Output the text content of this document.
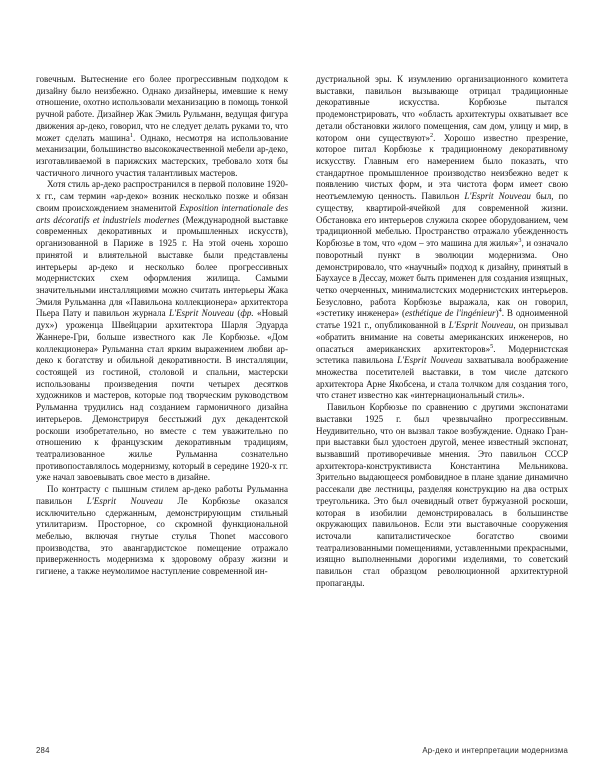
говечным. Вытеснение его более прогрессивным подходом к дизайну было неизбежно. Однако дизайнеры, имевшие к нему отношение, охотно использовали механизацию в помощь тонкой ручной работе. Дизайнер Жак Эмиль Рульманн, ведущая фигура движения ар-деко, говорил, что не следует делать руками то, что может сделать машина$^1$. Однако, несмотря на использование механизации, большинство высококачественной мебели ар-деко, изготавливаемой в парижских мастерских, требовало хотя бы частичного личного участия талантливых мастеров.

Хотя стиль ар-деко распространился в первой половине 1920-х гг., сам термин «ар-деко» возник несколько позже и обязан своим происхождением знаменитой Exposition internationale des arts décoratifs et industriels modernes (Международной выставке современных декоративных и промышленных искусств), организованной в Париже в 1925 г. На этой очень хорошо принятой и влиятельной выставке были представлены интерьеры ар-деко и несколько более прогрессивных модернистских схем оформления жилища. Самыми значительными инсталляциями можно считать интерьеры Жака Эмиля Рульманна для «Павильона коллекционера» архитектора Пьера Пату и павильон журнала L'Esprit Nouveau (фр. «Новый дух») уроженца Швейцарии архитектора Шарля Эдуарда Жаннере-Гри, больше известного как Ле Корбюзье. «Дом коллекционера» Рульманна стал ярким выражением любви ар-деко к богатству и обильной декоративности. В инсталляции, состоящей из гостиной, столовой и спальни, мастерски использованы произведения почти четырех десятков художников и мастеров, которые под творческим руководством Рульманна трудились над созданием гармоничного дизайна интерьеров. Демонстрируя бесстыжий дух декадентской роскоши изобретательно, но вместе с тем уважительно по отношению к французским декоративным традициям, театрализованное жилье Рульманна сознательно противопоставлялось модернизму, который в середине 1920-х гг. уже начал завоевывать свое место в дизайне.

По контрасту с пышным стилем ар-деко работы Рульманна павильон L'Esprit Nouveau Ле Корбюзье оказался исключительно сдержанным, демонстрирующим стильный утилитаризм. Просторное, со скромной функциональной мебелью, включая гнутые стулья Thonet массового производства, это авангардистское помещение отражало приверженность модернизма к здоровому образу жизни и гигиене, а также неумолимое наступление современной ин-

дустриальной эры. К изумлению организационного комитета выставки, павильон вызывающе отрицал традиционные декоративные искусства. Корбюзье пытался продемонстрировать, что «область архитектуры охватывает все детали обстановки жилого помещения, сам дом, улицу и мир, в котором они существуют»$^2$. Хорошо известно презрение, которое питал Корбюзье к традиционному декоративному искусству. Главным его намерением было показать, что стандартное промышленное производство неизбежно ведет к появлению чистых форм, и эта чистота форм имеет свою неотъемлемую ценность. Павильон L'Esprit Nouveau был, по существу, квартирой-ячейкой для современной жизни. Обстановка его интерьеров служила скорее оборудованием, чем традиционной мебелью. Пространство отражало убежденность Корбюзье в том, что «дом – это машина для жилья»$^3$, и означало поворотный пункт в эволюции модернизма. Оно демонстрировало, что «научный» подход к дизайну, принятый в Баухаусе в Дессау, может быть применен для создания изящных, четко очерченных, минималистских модернистских интерьеров. Безусловно, работа Корбюзье выражала, как он говорил, «эстетику инженера» (esthétique de l'ingénieur)$^4$. В одноименной статье 1921 г., опубликованной в L'Esprit Nouveau, он призывал «обратить внимание на советы американских инженеров, но опасаться американских архитекторов»$^5$. Модернистская эстетика павильона L'Esprit Nouveau захватывала воображение множества посетителей выставки, в том числе датского архитектора Арне Якобсена, и стала толчком для создания того, что станет известно как «интернациональный стиль».

Павильон Корбюзье по сравнению с другими экспонатами выставки 1925 г. был чрезвычайно прогрессивным. Неудивительно, что он вызвал такое возбуждение. Однако Гран-при выставки был удостоен другой, менее известный экспонат, вызвавший противоречивые мнения. Это павильон СССР архитектора-конструктивиста Константина Мельникова. Зрительно выдающееся ромбовидное в плане здание динамично рассекали две лестницы, разделяя конструкцию на два острых треугольника. Это был очевидный ответ буржуазной роскоши, которая в изобилии демонстрировалась в большинстве окружающих павильонов. Если эти выставочные сооружения источали капиталистическое богатство своими театрализованными помещениями, уставленными прекрасными, изящно выполненными дорогими изделиями, то советский павильон стал образцом революционной архитектурной пропаганды.

284	Ар-деко и интерпретации модернизма
